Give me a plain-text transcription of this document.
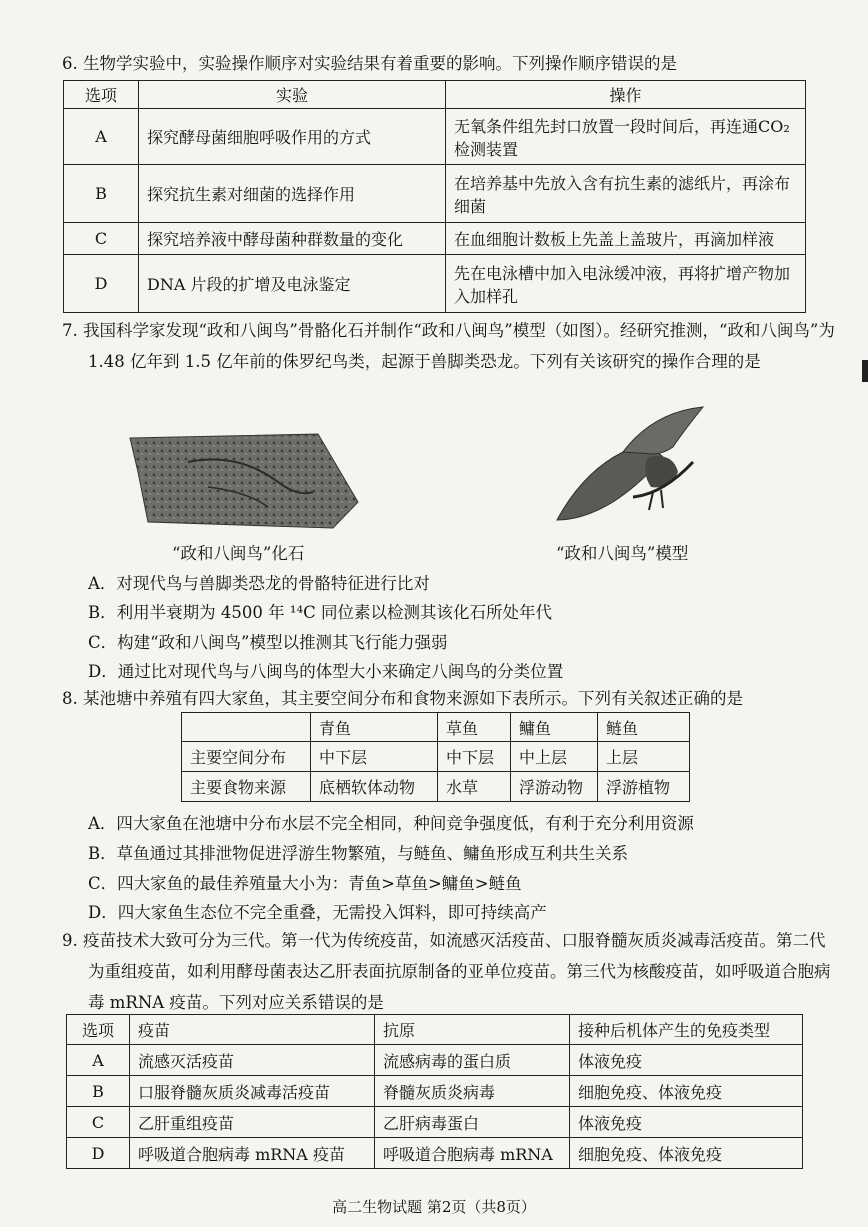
6. 生物学实验中，实验操作顺序对实验结果有着重要的影响。下列操作顺序错误的是
选项	实验	操作
A	探究酵母菌细胞呼吸作用的方式	无氧条件组先封口放置一段时间后，再连通CO₂检测装置
B	探究抗生素对细菌的选择作用	在培养基中先放入含有抗生素的滤纸片，再涂布细菌
C	探究培养液中酵母菌种群数量的变化	在血细胞计数板上先盖上盖玻片，再滴加样液
D	DNA 片段的扩增及电泳鉴定	先在电泳槽中加入电泳缓冲液，再将扩增产物加入加样孔
7. 我国科学家发现“政和八闽鸟”骨骼化石并制作“政和八闽鸟”模型（如图）。经研究推测，“政和八闽鸟”为 1.48 亿年到 1.5 亿年前的侏罗纪鸟类，起源于兽脚类恐龙。下列有关该研究的操作合理的是
“政和八闽鸟”化石	“政和八闽鸟”模型
A．对现代鸟与兽脚类恐龙的骨骼特征进行比对
B．利用半衰期为 4500 年 ¹⁴C 同位素以检测其该化石所处年代
C．构建“政和八闽鸟”模型以推测其飞行能力强弱
D．通过比对现代鸟与八闽鸟的体型大小来确定八闽鸟的分类位置
8. 某池塘中养殖有四大家鱼，其主要空间分布和食物来源如下表所示。下列有关叙述正确的是
	青鱼	草鱼	鳙鱼	鲢鱼
主要空间分布	中下层	中下层	中上层	上层
主要食物来源	底栖软体动物	水草	浮游动物	浮游植物
A．四大家鱼在池塘中分布水层不完全相同，种间竞争强度低，有利于充分利用资源
B．草鱼通过其排泄物促进浮游生物繁殖，与鲢鱼、鳙鱼形成互利共生关系
C．四大家鱼的最佳养殖量大小为：青鱼>草鱼>鳙鱼>鲢鱼
D．四大家鱼生态位不完全重叠，无需投入饵料，即可持续高产
9. 疫苗技术大致可分为三代。第一代为传统疫苗，如流感灭活疫苗、口服脊髓灰质炎减毒活疫苗。第二代为重组疫苗，如利用酵母菌表达乙肝表面抗原制备的亚单位疫苗。第三代为核酸疫苗，如呼吸道合胞病毒 mRNA 疫苗。下列对应关系错误的是
选项	疫苗	抗原	接种后机体产生的免疫类型
A	流感灭活疫苗	流感病毒的蛋白质	体液免疫
B	口服脊髓灰质炎减毒活疫苗	脊髓灰质炎病毒	细胞免疫、体液免疫
C	乙肝重组疫苗	乙肝病毒蛋白	体液免疫
D	呼吸道合胞病毒 mRNA 疫苗	呼吸道合胞病毒 mRNA	细胞免疫、体液免疫
高二生物试题 第2页（共8页）
